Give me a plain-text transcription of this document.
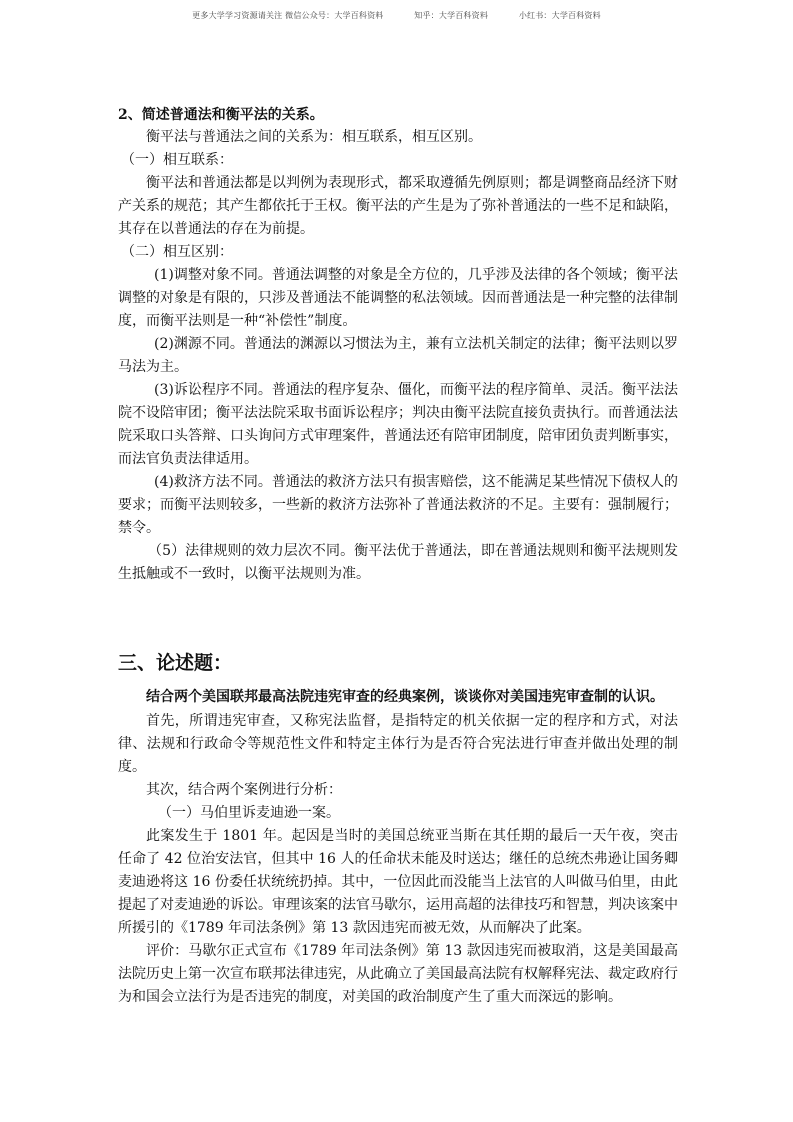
更多大学学习资源请关注 微信公众号：大学百科资料	知乎：大学百科资料	小红书：大学百科资料

2、简述普通法和衡平法的关系。

衡平法与普通法之间的关系为：相互联系，相互区别。

（一）相互联系：

衡平法和普通法都是以判例为表现形式，都采取遵循先例原则；都是调整商品经济下财产关系的规范；其产生都依托于王权。衡平法的产生是为了弥补普通法的一些不足和缺陷，其存在以普通法的存在为前提。

（二）相互区别：

(1)调整对象不同。普通法调整的对象是全方位的，几乎涉及法律的各个领域；衡平法调整的对象是有限的，只涉及普通法不能调整的私法领域。因而普通法是一种完整的法律制度，而衡平法则是一种“补偿性”制度。

(2)渊源不同。普通法的渊源以习惯法为主，兼有立法机关制定的法律；衡平法则以罗马法为主。

(3)诉讼程序不同。普通法的程序复杂、僵化，而衡平法的程序简单、灵活。衡平法法院不设陪审团；衡平法法院采取书面诉讼程序；判决由衡平法院直接负责执行。而普通法法院采取口头答辩、口头询问方式审理案件，普通法还有陪审团制度，陪审团负责判断事实，而法官负责法律适用。

(4)救济方法不同。普通法的救济方法只有损害赔偿，这不能满足某些情况下债权人的要求；而衡平法则较多，一些新的救济方法弥补了普通法救济的不足。主要有：强制履行；禁令。

（5）法律规则的效力层次不同。衡平法优于普通法，即在普通法规则和衡平法规则发生抵触或不一致时，以衡平法规则为准。

三、论述题：

结合两个美国联邦最高法院违宪审查的经典案例，谈谈你对美国违宪审查制的认识。

首先，所谓违宪审查，又称宪法监督，是指特定的机关依据一定的程序和方式，对法律、法规和行政命令等规范性文件和特定主体行为是否符合宪法进行审查并做出处理的制度。

其次，结合两个案例进行分析：

（一）马伯里诉麦迪逊一案。

此案发生于 1801 年。起因是当时的美国总统亚当斯在其任期的最后一天午夜，突击任命了 42 位治安法官，但其中 16 人的任命状未能及时送达；继任的总统杰弗逊让国务卿麦迪逊将这 16 份委任状统统扔掉。其中，一位因此而没能当上法官的人叫做马伯里，由此提起了对麦迪逊的诉讼。审理该案的法官马歇尔，运用高超的法律技巧和智慧，判决该案中所援引的《1789 年司法条例》第 13 款因违宪而被无效，从而解决了此案。

评价：马歇尔正式宣布《1789 年司法条例》第 13 款因违宪而被取消，这是美国最高法院历史上第一次宣布联邦法律违宪，从此确立了美国最高法院有权解释宪法、裁定政府行为和国会立法行为是否违宪的制度，对美国的政治制度产生了重大而深远的影响。
